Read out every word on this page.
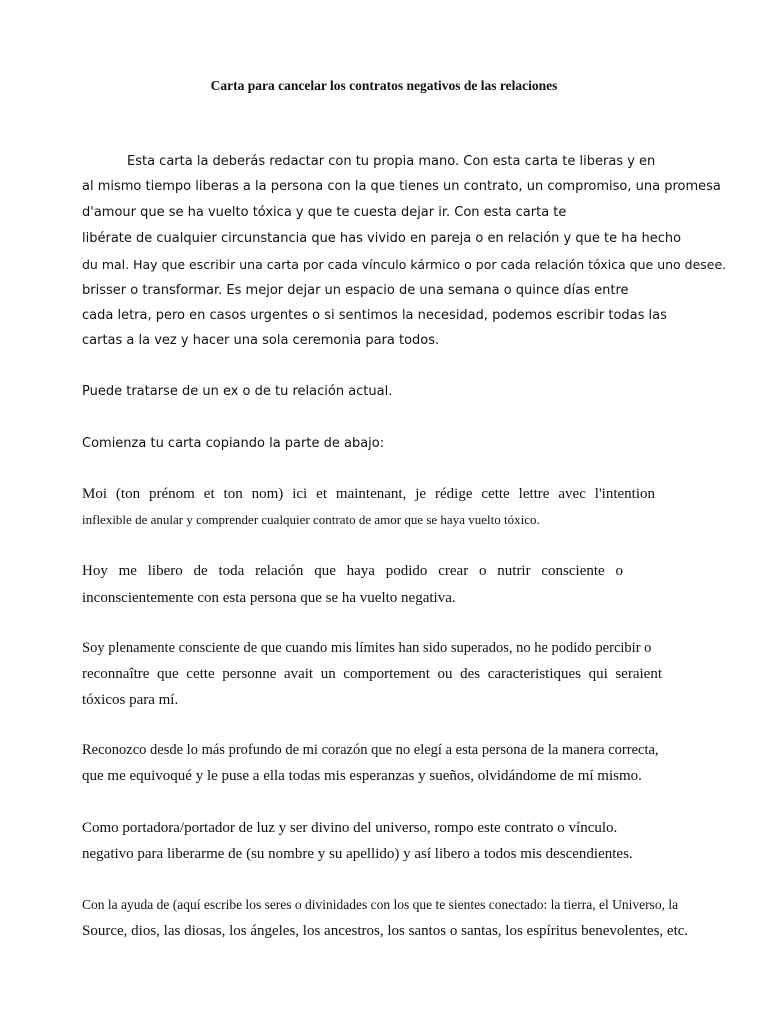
Carta para cancelar los contratos negativos de las relaciones
Esta carta la deberás redactar con tu propia mano. Con esta carta te liberas y en
al mismo tiempo liberas a la persona con la que tienes un contrato, un compromiso, una promesa
d'amour que se ha vuelto tóxica y que te cuesta dejar ir. Con esta carta te
libérate de cualquier circunstancia que has vivido en pareja o en relación y que te ha hecho
du mal. Hay que escribir una carta por cada vínculo kármico o por cada relación tóxica que uno desee.
brisser o transformar. Es mejor dejar un espacio de una semana o quince días entre
cada letra, pero en casos urgentes o si sentimos la necesidad, podemos escribir todas las
cartas a la vez y hacer una sola ceremonia para todos.
Puede tratarse de un ex o de tu relación actual.
Comienza tu carta copiando la parte de abajo:
Moi (ton prénom et ton nom) ici et maintenant, je rédige cette lettre avec l'intention
inflexible de anular y comprender cualquier contrato de amor que se haya vuelto tóxico.
Hoy me libero de toda relación que haya podido crear o nutrir consciente o
inconscientemente con esta persona que se ha vuelto negativa.
Soy plenamente consciente de que cuando mis límites han sido superados, no he podido percibir o
reconnaître que cette personne avait un comportement ou des caracteristiques qui seraient
tóxicos para mí.
Reconozco desde lo más profundo de mi corazón que no elegí a esta persona de la manera correcta,
que me equivoqué y le puse a ella todas mis esperanzas y sueños, olvidándome de mí mismo.
Como portadora/portador de luz y ser divino del universo, rompo este contrato o vínculo.
negativo para liberarme de (su nombre y su apellido) y así libero a todos mis descendientes.
Con la ayuda de (aquí escribe los seres o divinidades con los que te sientes conectado: la tierra, el Universo, la
Source, dios, las diosas, los ángeles, los ancestros, los santos o santas, los espíritus benevolentes, etc.
